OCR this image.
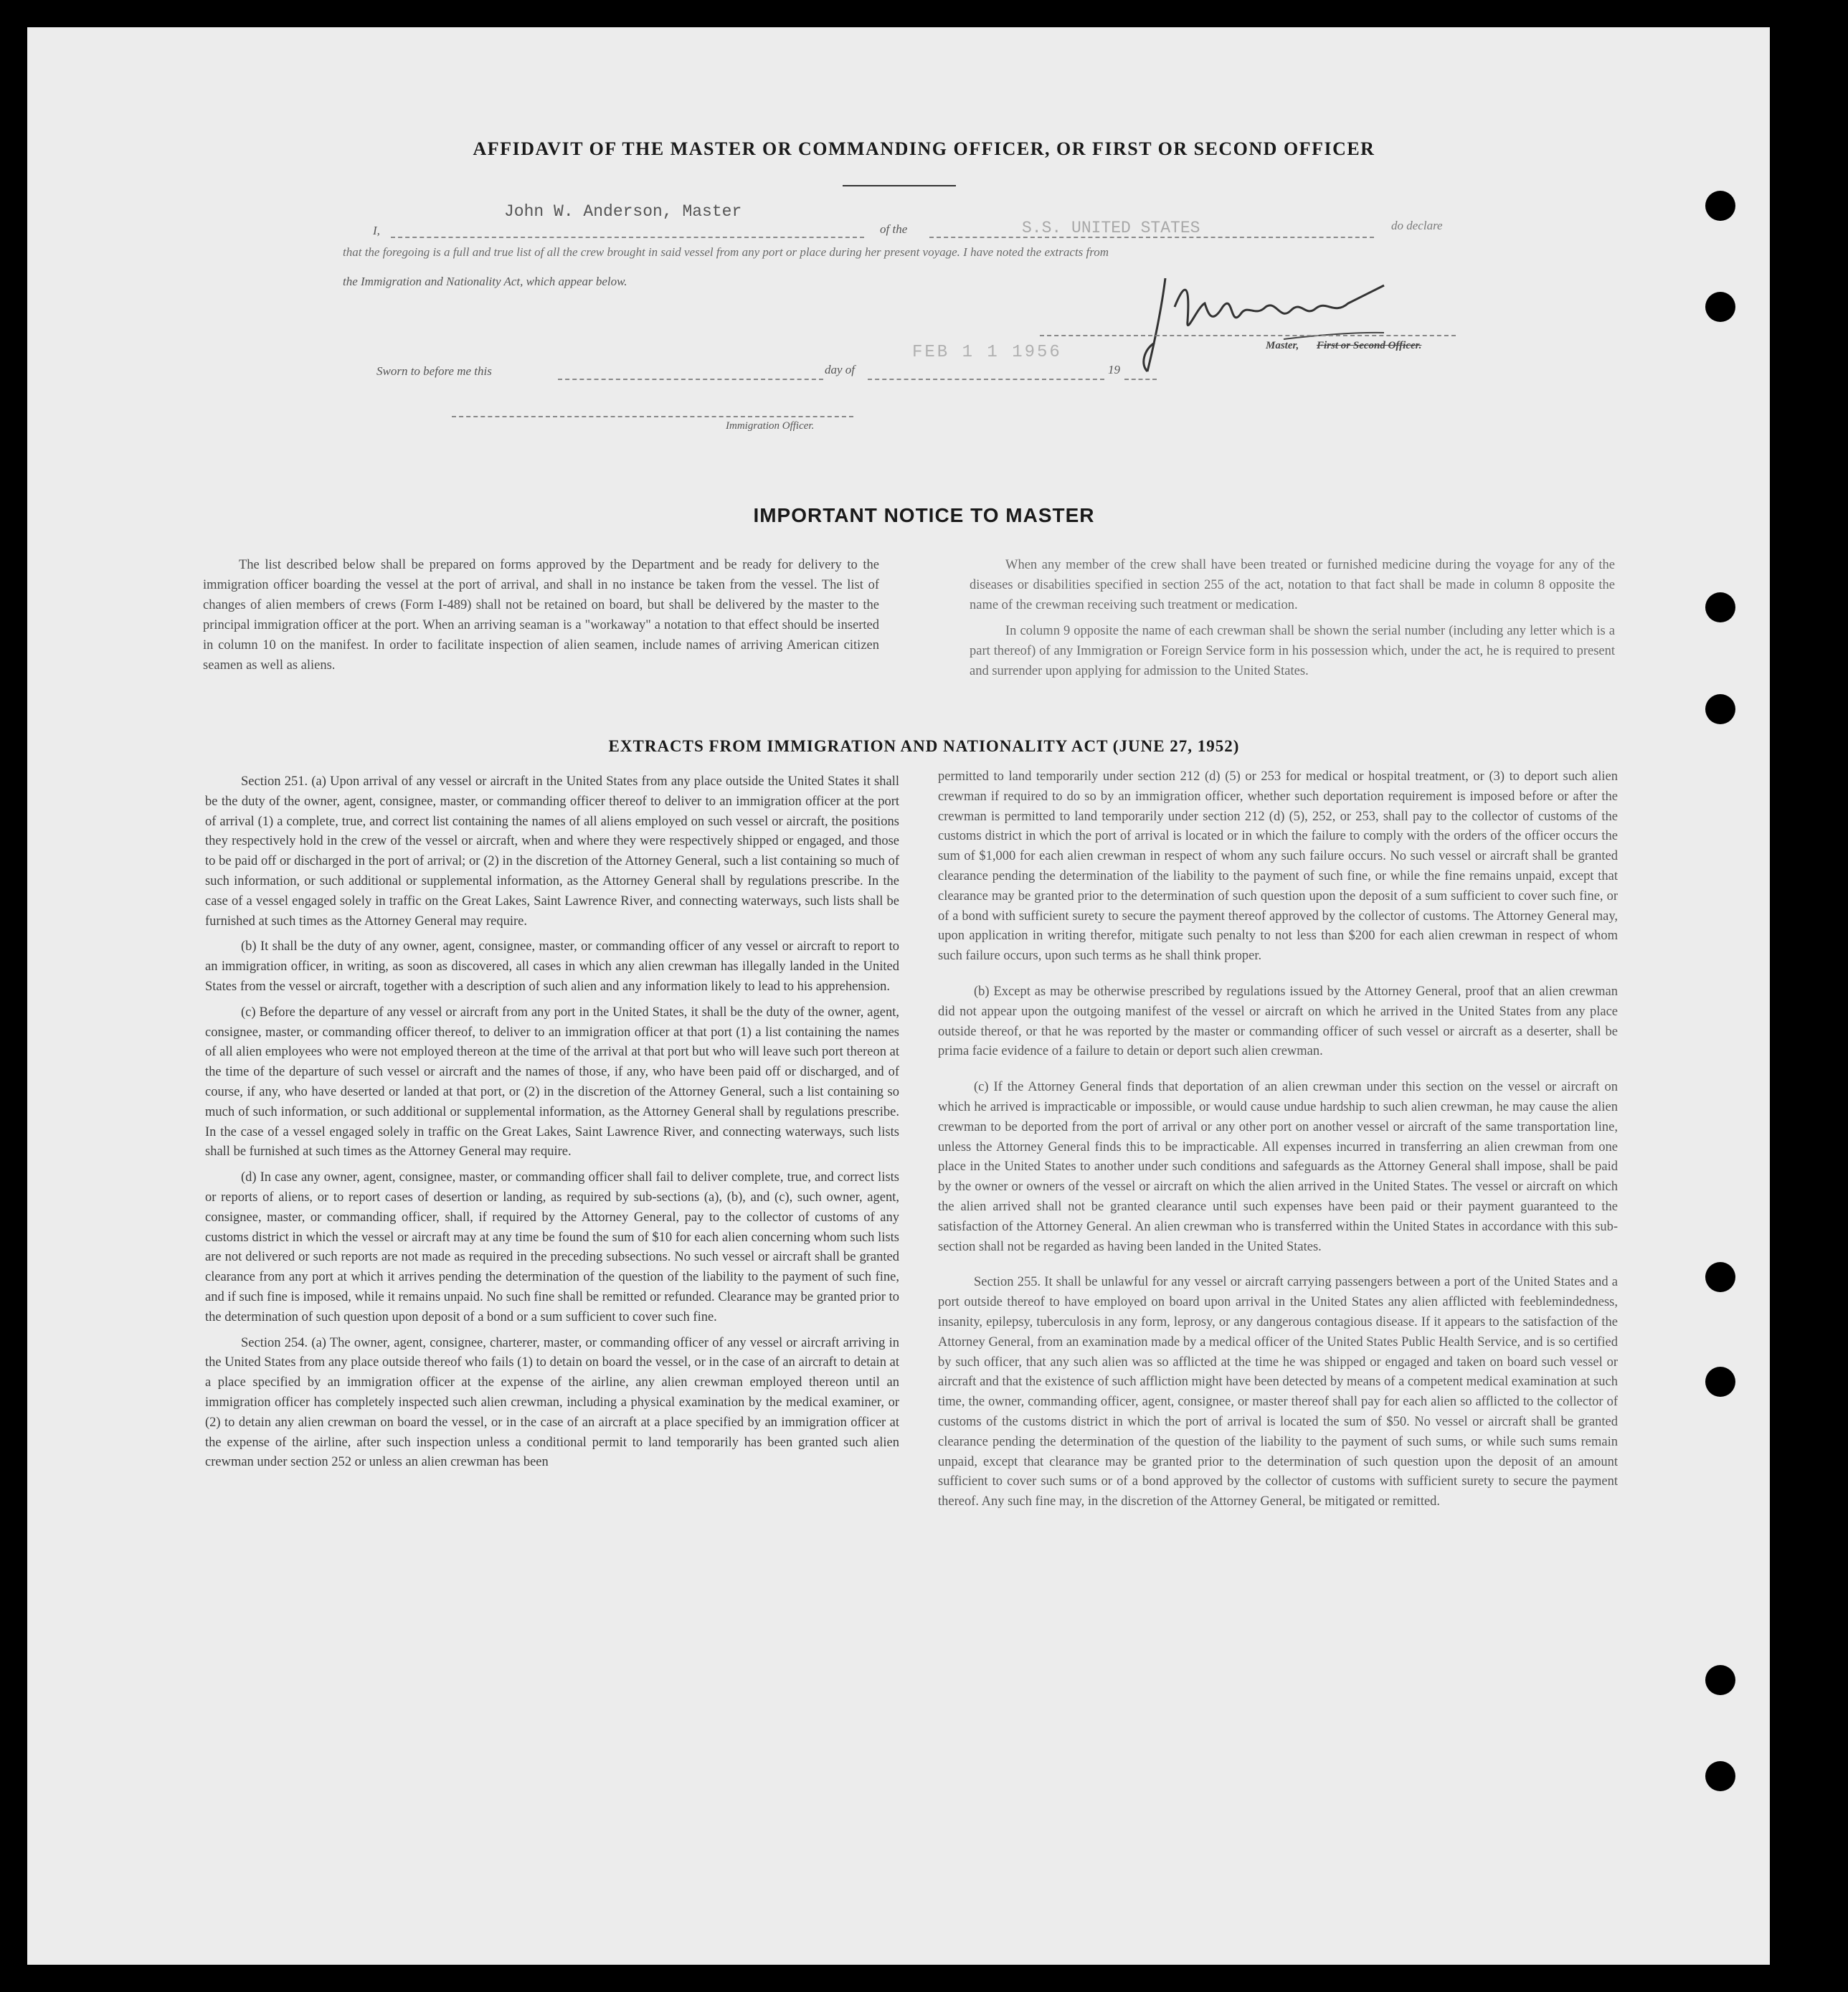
AFFIDAVIT OF THE MASTER OR COMMANDING OFFICER, OR FIRST OR SECOND OFFICER
I,
John W. Anderson, Master
of the	S.S. UNITED STATES	do declare
that the foregoing is a full and true list of all the crew brought in said vessel from any port or place during her present voyage. I have noted the extracts from
the Immigration and Nationality Act, which appear below.
Master, First or Second Officer.
Sworn to before me this	day of
FEB 1 1 1956
19
Immigration Officer.
IMPORTANT NOTICE TO MASTER

The list described below shall be prepared on forms approved by the Department and be ready for delivery to the immigration officer boarding the vessel at the port of arrival, and shall in no instance be taken from the vessel. The list of changes of alien members of crews (Form I-489) shall not be retained on board, but shall be delivered by the master to the principal immigration officer at the port. When an arriving seaman is a "workaway" a notation to that effect should be inserted in column 10 on the manifest. In order to facilitate inspection of alien seamen, include names of arriving American citizen seamen as well as aliens.

When any member of the crew shall have been treated or furnished medicine during the voyage for any of the diseases or disabilities specified in section 255 of the act, notation to that fact shall be made in column 8 opposite the name of the crewman receiving such treatment or medication.

In column 9 opposite the name of each crewman shall be shown the serial number (including any letter which is a part thereof) of any Immigration or Foreign Service form in his possession which, under the act, he is required to present and surrender upon applying for admission to the United States.

EXTRACTS FROM IMMIGRATION AND NATIONALITY ACT (JUNE 27, 1952)

Section 251. (a) Upon arrival of any vessel or aircraft in the United States from any place outside the United States it shall be the duty of the owner, agent, consignee, master, or commanding officer thereof to deliver to an immigration officer at the port of arrival (1) a complete, true, and correct list containing the names of all aliens employed on such vessel or aircraft, the positions they respectively hold in the crew of the vessel or aircraft, when and where they were respectively shipped or engaged, and those to be paid off or discharged in the port of arrival; or (2) in the discretion of the Attorney General, such a list containing so much of such information, or such additional or supplemental information, as the Attorney General shall by regulations prescribe. In the case of a vessel engaged solely in traffic on the Great Lakes, Saint Lawrence River, and connecting waterways, such lists shall be furnished at such times as the Attorney General may require.

(b) It shall be the duty of any owner, agent, consignee, master, or commanding officer of any vessel or aircraft to report to an immigration officer, in writing, as soon as discovered, all cases in which any alien crewman has illegally landed in the United States from the vessel or aircraft, together with a description of such alien and any information likely to lead to his apprehension.

(c) Before the departure of any vessel or aircraft from any port in the United States, it shall be the duty of the owner, agent, consignee, master, or commanding officer thereof, to deliver to an immigration officer at that port (1) a list containing the names of all alien employees who were not employed thereon at the time of the arrival at that port but who will leave such port thereon at the time of the departure of such vessel or aircraft and the names of those, if any, who have been paid off or discharged, and of course, if any, who have deserted or landed at that port, or (2) in the discretion of the Attorney General, such a list containing so much of such information, or such additional or supplemental information, as the Attorney General shall by regulations prescribe. In the case of a vessel engaged solely in traffic on the Great Lakes, Saint Lawrence River, and connecting waterways, such lists shall be furnished at such times as the Attorney General may require.

(d) In case any owner, agent, consignee, master, or commanding officer shall fail to deliver complete, true, and correct lists or reports of aliens, or to report cases of desertion or landing, as required by sub-sections (a), (b), and (c), such owner, agent, consignee, master, or commanding officer, shall, if required by the Attorney General, pay to the collector of customs of any customs district in which the vessel or aircraft may at any time be found the sum of $10 for each alien concerning whom such lists are not delivered or such reports are not made as required in the preceding subsections. No such vessel or aircraft shall be granted clearance from any port at which it arrives pending the determination of the question of the liability to the payment of such fine, and if such fine is imposed, while it remains unpaid. No such fine shall be remitted or refunded. Clearance may be granted prior to the determination of such question upon deposit of a bond or a sum sufficient to cover such fine.

Section 254. (a) The owner, agent, consignee, charterer, master, or commanding officer of any vessel or aircraft arriving in the United States from any place outside thereof who fails (1) to detain on board the vessel, or in the case of an aircraft to detain at a place specified by an immigration officer at the expense of the airline, any alien crewman employed thereon until an immigration officer has completely inspected such alien crewman, including a physical examination by the medical examiner, or (2) to detain any alien crewman on board the vessel, or in the case of an aircraft at a place specified by an immigration officer at the expense of the airline, after such inspection unless a conditional permit to land temporarily has been granted such alien crewman under section 252 or unless an alien crewman has been

permitted to land temporarily under section 212 (d) (5) or 253 for medical or hospital treatment, or (3) to deport such alien crewman if required to do so by an immigration officer, whether such deportation requirement is imposed before or after the crewman is permitted to land temporarily under section 212 (d) (5), 252, or 253, shall pay to the collector of customs of the customs district in which the port of arrival is located or in which the failure to comply with the orders of the officer occurs the sum of $1,000 for each alien crewman in respect of whom any such failure occurs. No such vessel or aircraft shall be granted clearance pending the determination of the liability to the payment of such fine, or while the fine remains unpaid, except that clearance may be granted prior to the determination of such question upon the deposit of a sum sufficient to cover such fine, or of a bond with sufficient surety to secure the payment thereof approved by the collector of customs. The Attorney General may, upon application in writing therefor, mitigate such penalty to not less than $200 for each alien crewman in respect of whom such failure occurs, upon such terms as he shall think proper.

(b) Except as may be otherwise prescribed by regulations issued by the Attorney General, proof that an alien crewman did not appear upon the outgoing manifest of the vessel or aircraft on which he arrived in the United States from any place outside thereof, or that he was reported by the master or commanding officer of such vessel or aircraft as a deserter, shall be prima facie evidence of a failure to detain or deport such alien crewman.

(c) If the Attorney General finds that deportation of an alien crewman under this section on the vessel or aircraft on which he arrived is impracticable or impossible, or would cause undue hardship to such alien crewman, he may cause the alien crewman to be deported from the port of arrival or any other port on another vessel or aircraft of the same transportation line, unless the Attorney General finds this to be impracticable. All expenses incurred in transferring an alien crewman from one place in the United States to another under such conditions and safeguards as the Attorney General shall impose, shall be paid by the owner or owners of the vessel or aircraft on which the alien arrived in the United States. The vessel or aircraft on which the alien arrived shall not be granted clearance until such expenses have been paid or their payment guaranteed to the satisfaction of the Attorney General. An alien crewman who is transferred within the United States in accordance with this sub-section shall not be regarded as having been landed in the United States.

Section 255. It shall be unlawful for any vessel or aircraft carrying passengers between a port of the United States and a port outside thereof to have employed on board upon arrival in the United States any alien afflicted with feeblemindedness, insanity, epilepsy, tuberculosis in any form, leprosy, or any dangerous contagious disease. If it appears to the satisfaction of the Attorney General, from an examination made by a medical officer of the United States Public Health Service, and is so certified by such officer, that any such alien was so afflicted at the time he was shipped or engaged and taken on board such vessel or aircraft and that the existence of such affliction might have been detected by means of a competent medical examination at such time, the owner, commanding officer, agent, consignee, or master thereof shall pay for each alien so afflicted to the collector of customs of the customs district in which the port of arrival is located the sum of $50. No vessel or aircraft shall be granted clearance pending the determination of the question of the liability to the payment of such sums, or while such sums remain unpaid, except that clearance may be granted prior to the determination of such question upon the deposit of an amount sufficient to cover such sums or of a bond approved by the collector of customs with sufficient surety to secure the payment thereof. Any such fine may, in the discretion of the Attorney General, be mitigated or remitted.
